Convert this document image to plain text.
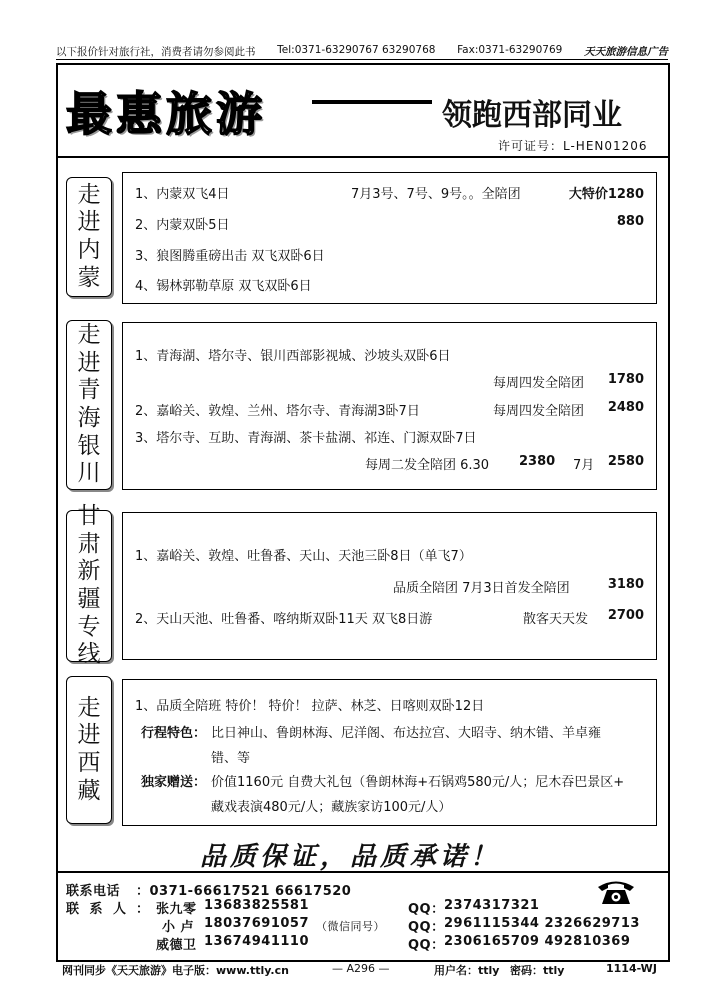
以下报价针对旅行社，消费者请勿参阅此书 Tel:0371-63290767 63290768 Fax:0371-63290769 天天旅游信息广告
最惠旅游	领跑西部同业
许可证号：L-HEN01206
走
进
内
蒙
1、内蒙双飞4日	7月3号、7号、9号。。全陪团	大特价1280
2、内蒙双卧5日	880
3、狼图腾重磅出击 双飞双卧6日
4、锡林郭勒草原 双飞双卧6日
走
进
青
海
银
川
1、青海湖、塔尔寺、银川西部影视城、沙坡头双卧6日
每周四发全陪团 1780
2、嘉峪关、敦煌、兰州、塔尔寺、青海湖3卧7日	每周四发全陪团 2480
3、塔尔寺、互助、青海湖、茶卡盐湖、祁连、门源双卧7日
每周二发全陪团 6.30 2380 7月 2580
甘
肃
新
疆
专
线
1、嘉峪关、敦煌、吐鲁番、天山、天池三卧8日（单飞7）
品质全陪团 7月3日首发全陪团	3180
2、天山天池、吐鲁番、喀纳斯双卧11天 双飞8日游	散客天天发 2700
走
进
西
藏
1、品质全陪班 特价！ 特价！ 拉萨、林芝、日喀则双卧12日
行程特色： 比日神山、鲁朗林海、尼洋阁、布达拉宫、大昭寺、纳木错、羊卓雍
错、等
独家赠送： 价值1160元 自费大礼包（鲁朗林海+石锅鸡580元/人；尼木吞巴景区+
藏戏表演480元/人；藏族家访100元/人）
品质保证，品质承诺！
联系电话 ：0371-66617521 66617520
联 系 人 ： 张九零 13683825581	QQ： 2374317321
小 卢 18037691057 （微信同号） QQ： 2961115344 2326629713
威德卫 13674941110	QQ： 2306165709 492810369
网刊同步《天天旅游》电子版：www.ttly.cn	— A296 —	用户名：ttly 密码：ttly	1114-WJ
